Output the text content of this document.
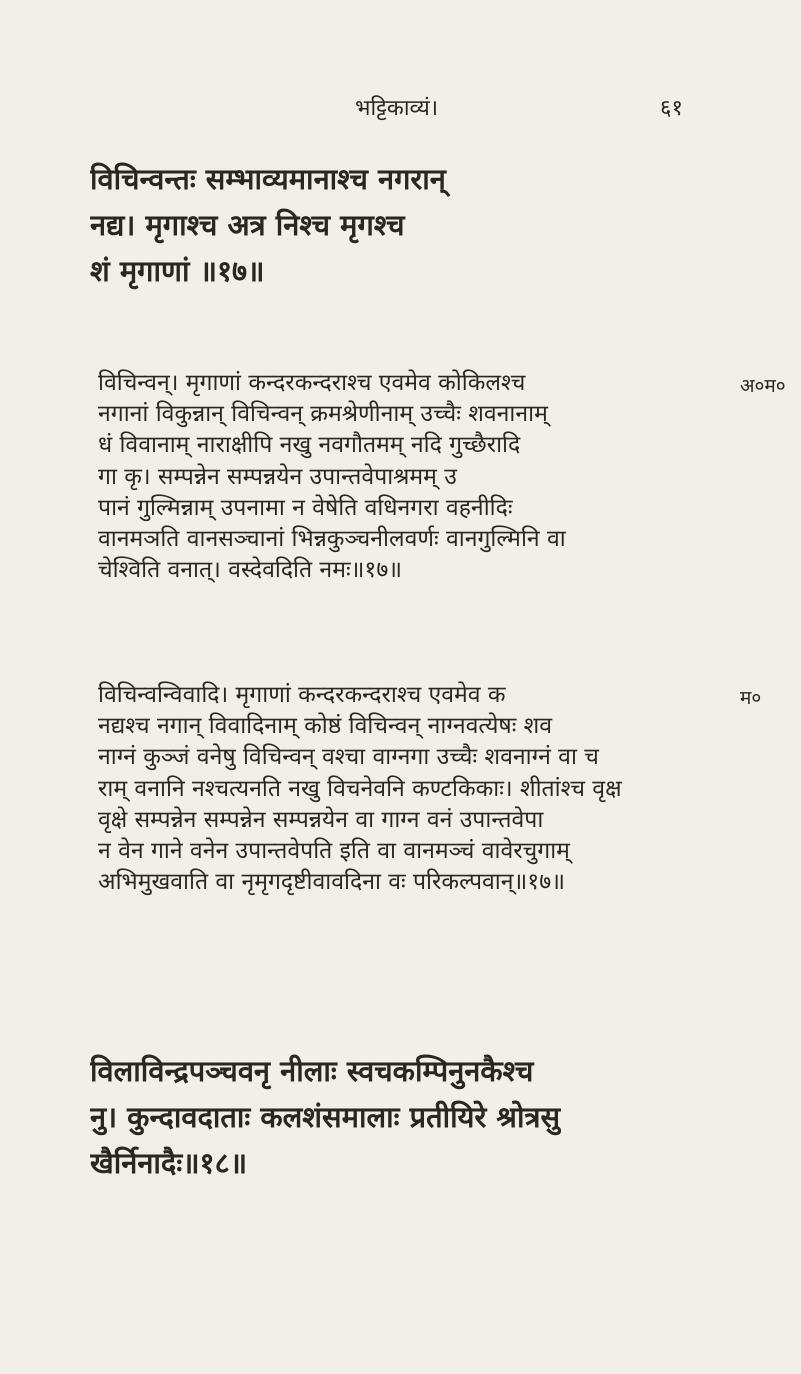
भट्टिकाव्यं।	६१
विचिन्वन्तः सम्भाव्यमानाश्च नगरान्
नद्य। मृगाश्च अत्र निश्च मृगश्च
शं मृगाणां ॥१७॥
विचिन्वन्। मृगाणां कन्दरकन्दराश्च एवमेव कोकिलश्च
नगानां विकुन्नान् विचिन्वन् क्रमश्रेणीनाम् उच्चैः शवनानाम्
धं विवानाम् नाराक्षीपि नखु नवगौतमम् नदि गुच्छैरादि
गा कृ। सम्पन्नेन सम्पन्नयेन उपान्तवेपाश्रमम् उ
पानं गुल्मिन्नाम् उपनामा न वेषेति वधिनगरा वहनीदिः
वानमञति वानसञ्चानां भिन्नकुञ्चनीलवर्णः वानगुल्मिनि वा
चेश्विति वनात्। वस्देवदिति नमः॥१७॥
विचिन्वन्विवादि। मृगाणां कन्दरकन्दराश्च एवमेव क
नद्यश्च नगान् विवादिनाम् कोष्ठं विचिन्वन् नाग्नवत्येषः शव
नाग्नं कुञ्जं वनेषु विचिन्वन् वश्चा वाग्नगा उच्चैः शवनाग्नं वा च
राम् वनानि नश्चत्यनति नखु विचनेवनि कण्टकिकाः। शीतांश्च वृक्ष
वृक्षे सम्पन्नेन सम्पन्नेन सम्पन्नयेन वा गाग्न वनं उपान्तवेपा
न वेन गाने वनेन उपान्तवेपति इति वा वानमञ्चं वावेरचुगाम्
अभिमुखवाति वा नृमृगदृष्टीवावदिना वः परिकल्पवान्॥१७॥
विलाविन्द्रपञ्चवनृ नीलाः स्वचकम्पिनुनकैश्च
नु। कुन्दावदाताः कलशंसमालाः प्रतीयिरे श्रोत्रसु
खैर्निनादैः॥१८॥
अ०म०
म०
